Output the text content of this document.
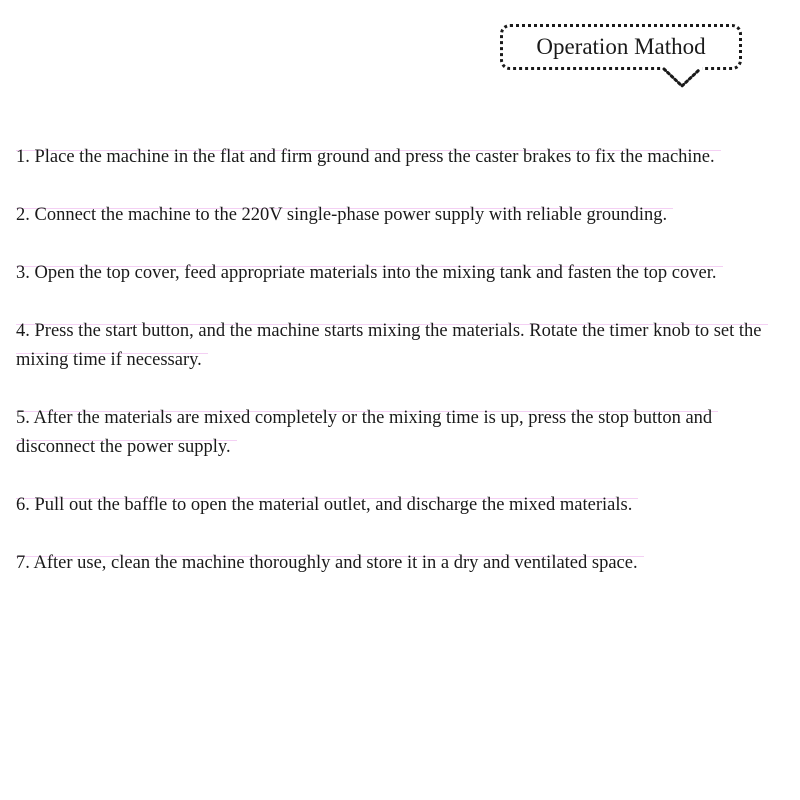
Operation Mathod
1. Place the machine in the flat and firm ground and press the caster brakes to fix the machine.
2. Connect the machine to the 220V single-phase power supply with reliable grounding.
3. Open the top cover, feed appropriate materials into the mixing tank and fasten the top cover.
4. Press the start button, and the machine starts mixing the materials. Rotate the timer knob to set the mixing time if necessary.
5. After the materials are mixed completely or the mixing time is up, press the stop button and disconnect the power supply.
6. Pull out the baffle to open the material outlet, and discharge the mixed materials.
7. After use, clean the machine thoroughly and store it in a dry and ventilated space.
